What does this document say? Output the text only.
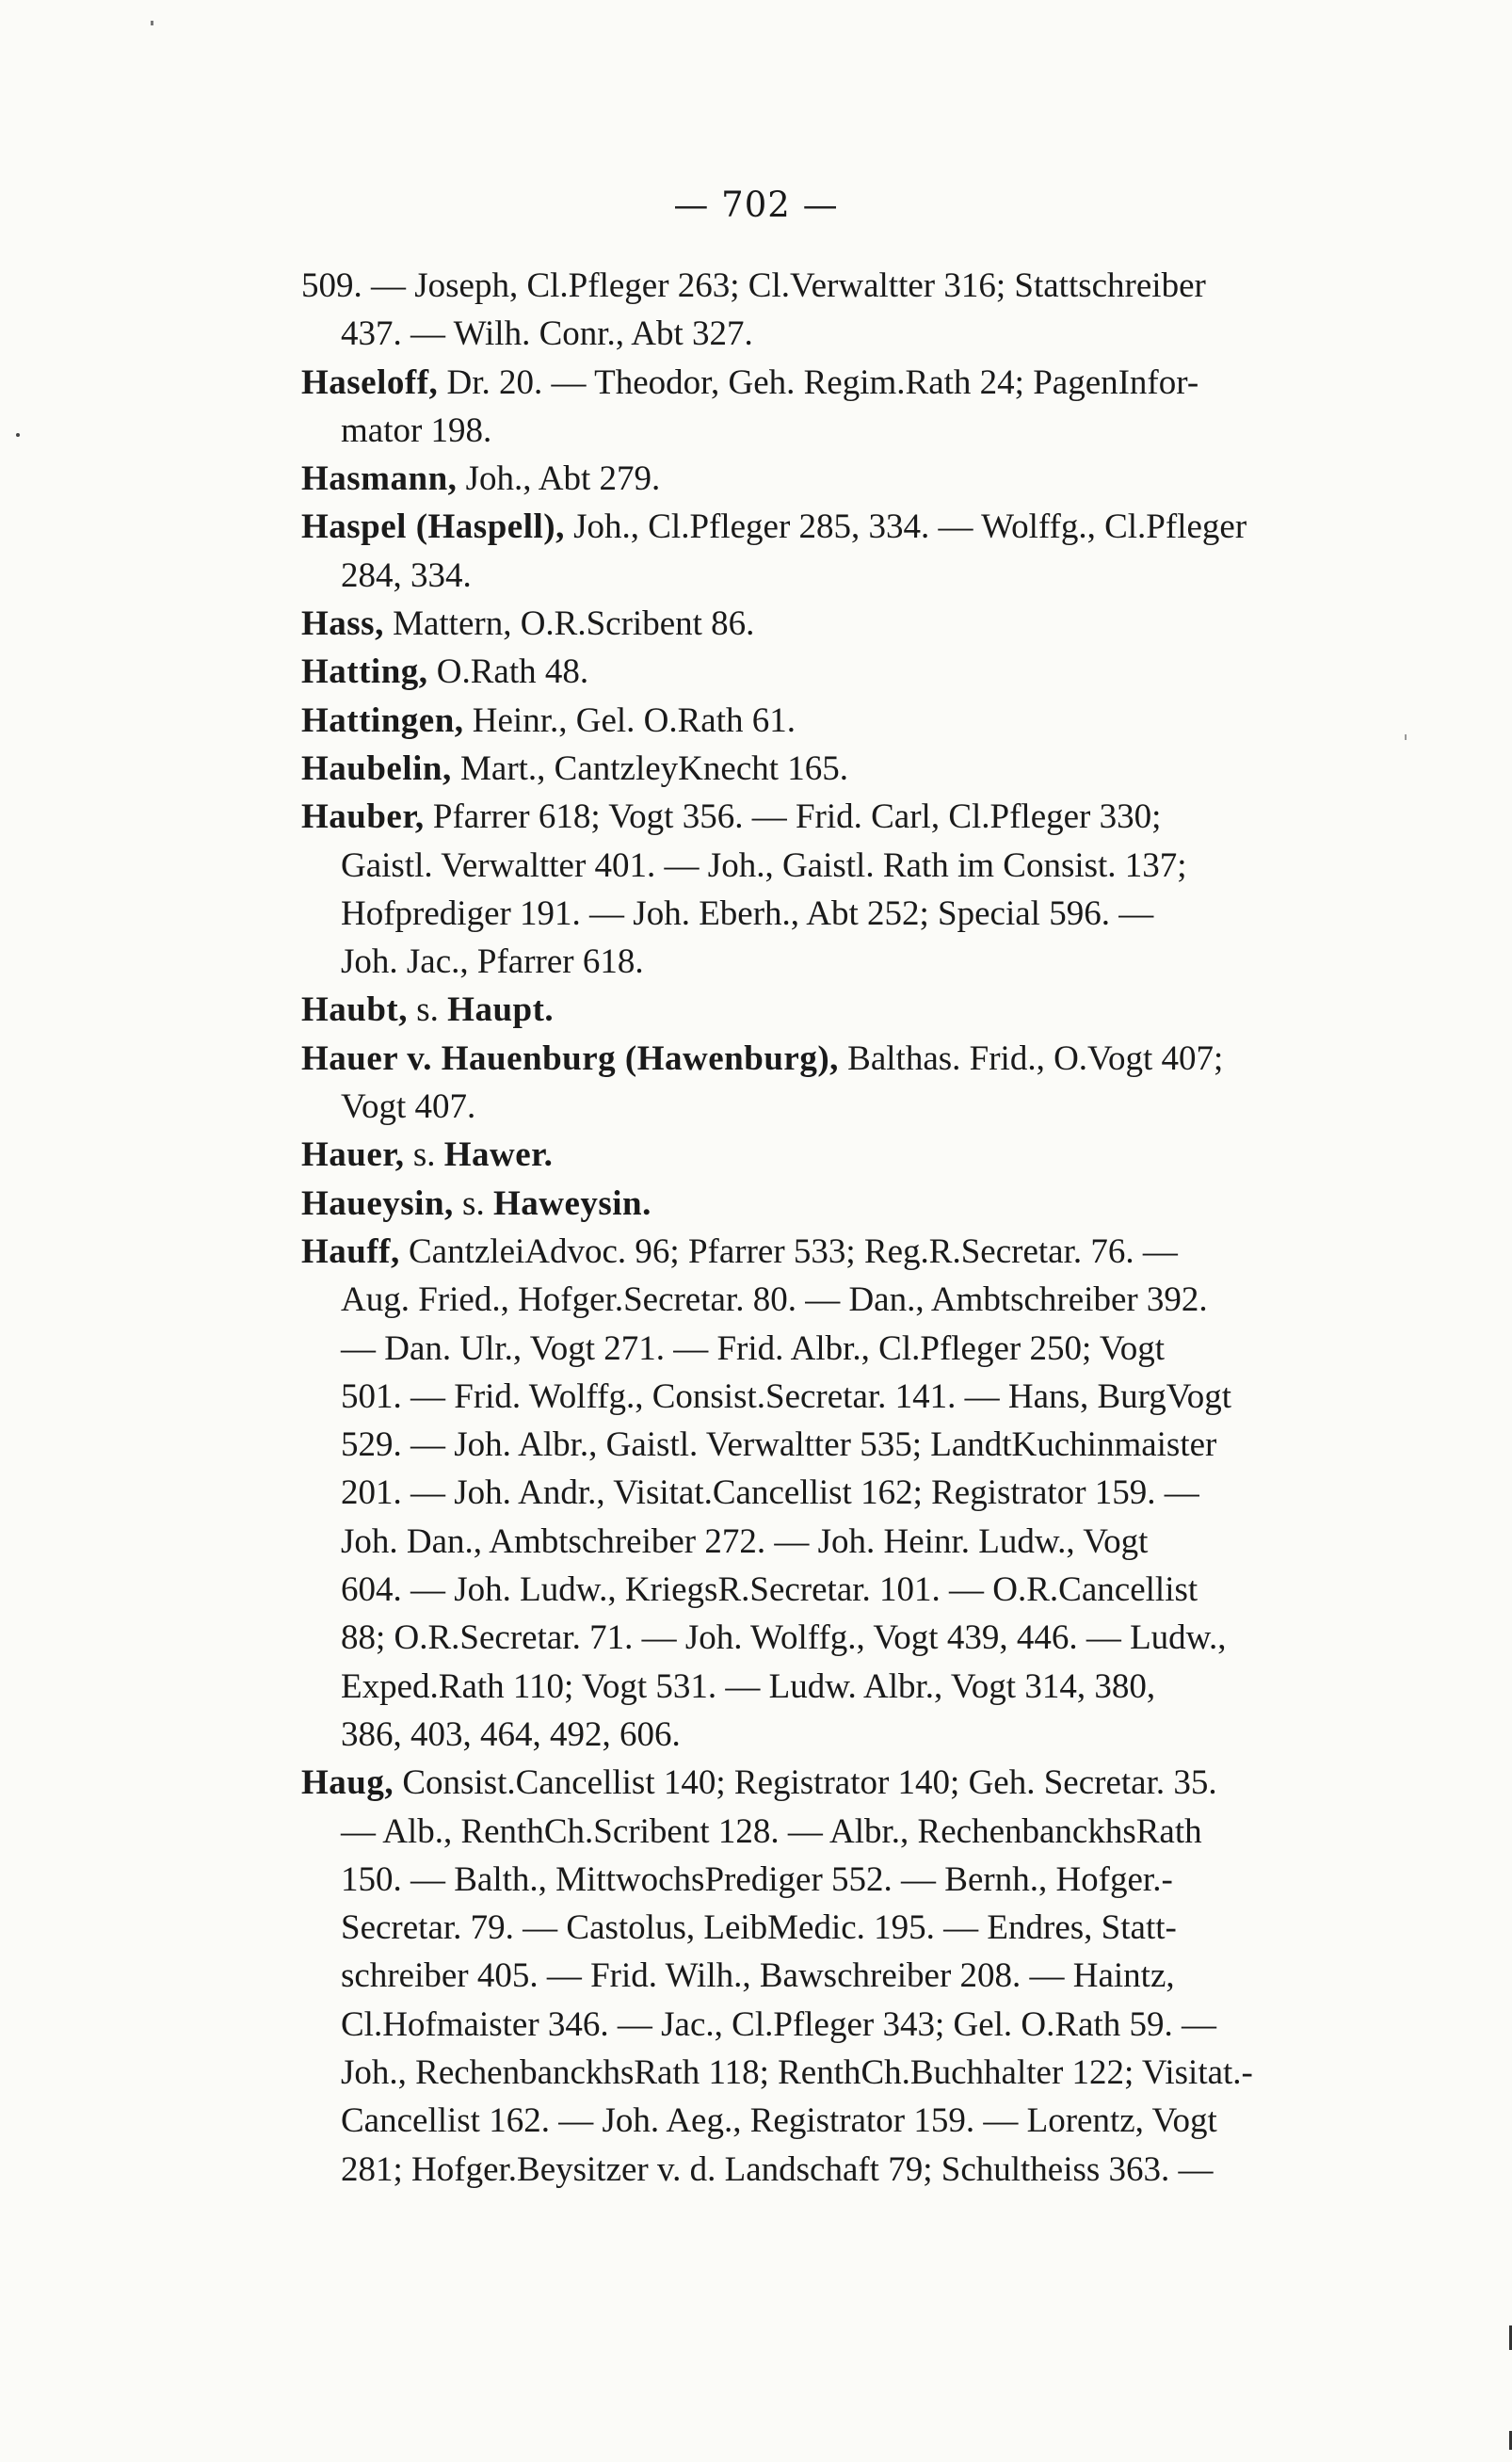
— 702 —
509. — Joseph, Cl.Pfleger 263; Cl.Verwaltter 316; Stattschreiber
437. — Wilh. Conr., Abt 327.
Haseloff, Dr. 20. — Theodor, Geh. Regim.Rath 24; PagenInfor-
mator 198.
Hasmann, Joh., Abt 279.
Haspel (Haspell), Joh., Cl.Pfleger 285, 334. — Wolffg., Cl.Pfleger
284, 334.
Hass, Mattern, O.R.Scribent 86.
Hatting, O.Rath 48.
Hattingen, Heinr., Gel. O.Rath 61.
Haubelin, Mart., CantzleyKnecht 165.
Hauber, Pfarrer 618; Vogt 356. — Frid. Carl, Cl.Pfleger 330;
Gaistl. Verwaltter 401. — Joh., Gaistl. Rath im Consist. 137;
Hofprediger 191. — Joh. Eberh., Abt 252; Special 596. —
Joh. Jac., Pfarrer 618.
Haubt, s. Haupt.
Hauer v. Hauenburg (Hawenburg), Balthas. Frid., O.Vogt 407;
Vogt 407.
Hauer, s. Hawer.
Haueysin, s. Haweysin.
Hauff, CantzleiAdvoc. 96; Pfarrer 533; Reg.R.Secretar. 76. —
Aug. Fried., Hofger.Secretar. 80. — Dan., Ambtschreiber 392.
— Dan. Ulr., Vogt 271. — Frid. Albr., Cl.Pfleger 250; Vogt
501. — Frid. Wolffg., Consist.Secretar. 141. — Hans, BurgVogt
529. — Joh. Albr., Gaistl. Verwaltter 535; LandtKuchinmaister
201. — Joh. Andr., Visitat.Cancellist 162; Registrator 159. —
Joh. Dan., Ambtschreiber 272. — Joh. Heinr. Ludw., Vogt
604. — Joh. Ludw., KriegsR.Secretar. 101. — O.R.Cancellist
88; O.R.Secretar. 71. — Joh. Wolffg., Vogt 439, 446. — Ludw.,
Exped.Rath 110; Vogt 531. — Ludw. Albr., Vogt 314, 380,
386, 403, 464, 492, 606.
Haug, Consist.Cancellist 140; Registrator 140; Geh. Secretar. 35.
— Alb., RenthCh.Scribent 128. — Albr., RechenbanckhsRath
150. — Balth., MittwochsPrediger 552. — Bernh., Hofger.-
Secretar. 79. — Castolus, LeibMedic. 195. — Endres, Statt-
schreiber 405. — Frid. Wilh., Bawschreiber 208. — Haintz,
Cl.Hofmaister 346. — Jac., Cl.Pfleger 343; Gel. O.Rath 59. —
Joh., RechenbanckhsRath 118; RenthCh.Buchhalter 122; Visitat.-
Cancellist 162. — Joh. Aeg., Registrator 159. — Lorentz, Vogt
281; Hofger.Beysitzer v. d. Landschaft 79; Schultheiss 363. —
